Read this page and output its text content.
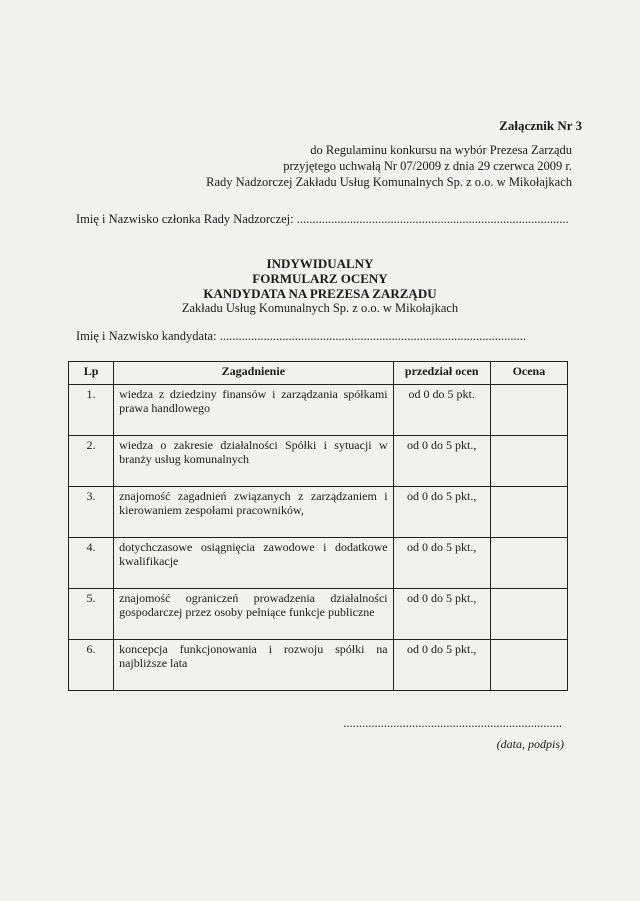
Załącznik Nr 3
do Regulaminu konkursu na wybór Prezesa Zarządu
przyjętego uchwałą Nr 07/2009 z dnia 29 czerwca 2009 r.
Rady Nadzorczej Zakładu Usług Komunalnych Sp. z o.o. w Mikołajkach
Imię i Nazwisko członka Rady Nadzorczej: .......................................................................................
INDYWIDUALNY
FORMULARZ OCENY
KANDYDATA NA PREZESA ZARZĄDU
Zakładu Usług Komunalnych Sp. z o.o. w Mikołajkach
Imię i Nazwisko kandydata: ..................................................................................................
Lp	Zagadnienie	przedział ocen	Ocena
1.	wiedza z dziedziny finansów i zarządzania spółkami prawa handlowego	od 0 do 5 pkt.	
2.	wiedza o zakresie działalności Spółki i sytuacji w branży usług komunalnych	od 0 do 5 pkt.,	
3.	znajomość zagadnień związanych z zarządzaniem i kierowaniem zespołami pracowników,	od 0 do 5 pkt.,	
4.	dotychczasowe osiągnięcia zawodowe i dodatkowe kwalifikacje	od 0 do 5 pkt.,	
5.	znajomość ograniczeń prowadzenia działalności gospodarczej przez osoby pełniące funkcje publiczne	od 0 do 5 pkt.,	
6.	koncepcja funkcjonowania i rozwoju spółki na najbliższe lata	od 0 do 5 pkt.,	
......................................................................
(data, podpis)
